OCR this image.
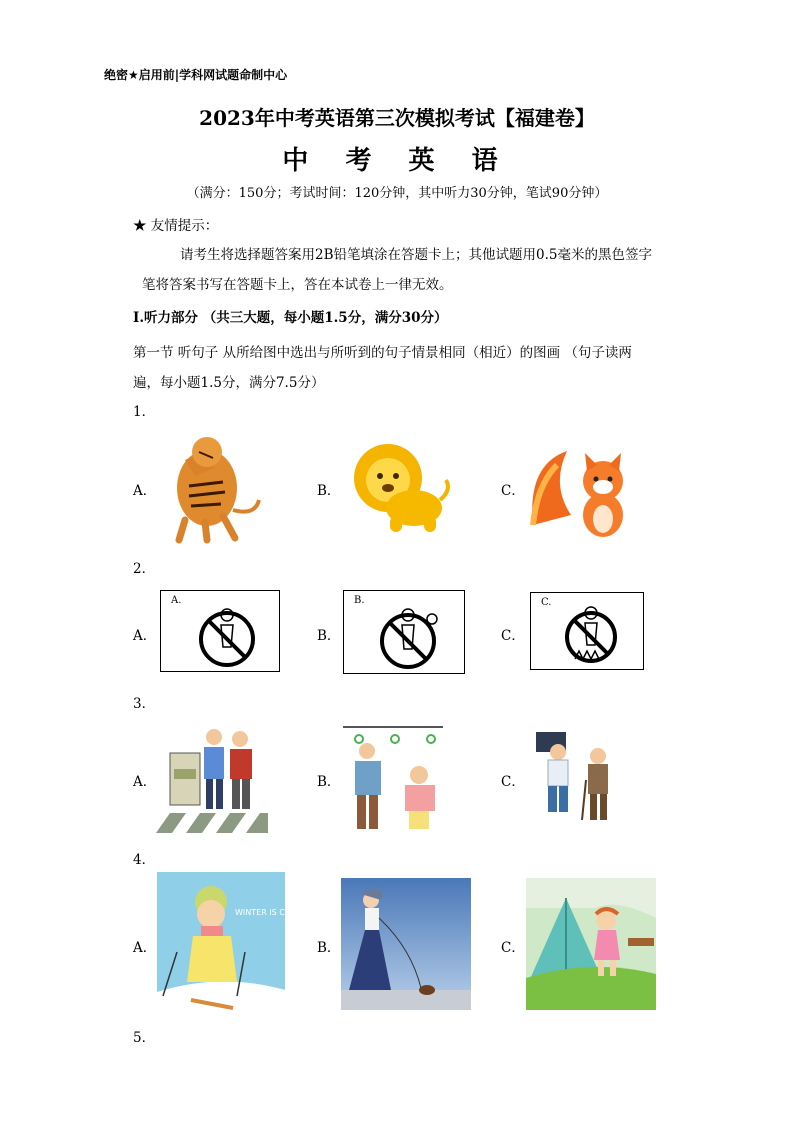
绝密★启用前|学科网试题命制中心
2023年中考英语第三次模拟考试【福建卷】
中 考 英 语
（满分：150分；考试时间：120分钟，其中听力30分钟，笔试90分钟）
★ 友情提示：
请考生将选择题答案用2B铅笔填涂在答题卡上；其他试题用0.5毫米的黑色签字
笔将答案书写在答题卡上，答在本试卷上一律无效。
I.听力部分 （共三大题，每小题1.5分，满分30分）
第一节 听句子 从所给图中选出与所听到的句子情景相同（相近）的图画 （句子读两
遍，每小题1.5分，满分7.5分）
1．
A．	B．	C．
2．
A．	B．	C．
A.	B.	C.
3．
A．	B．	C．
4．
A．	B．	C．
WINTER IS COM
5．
